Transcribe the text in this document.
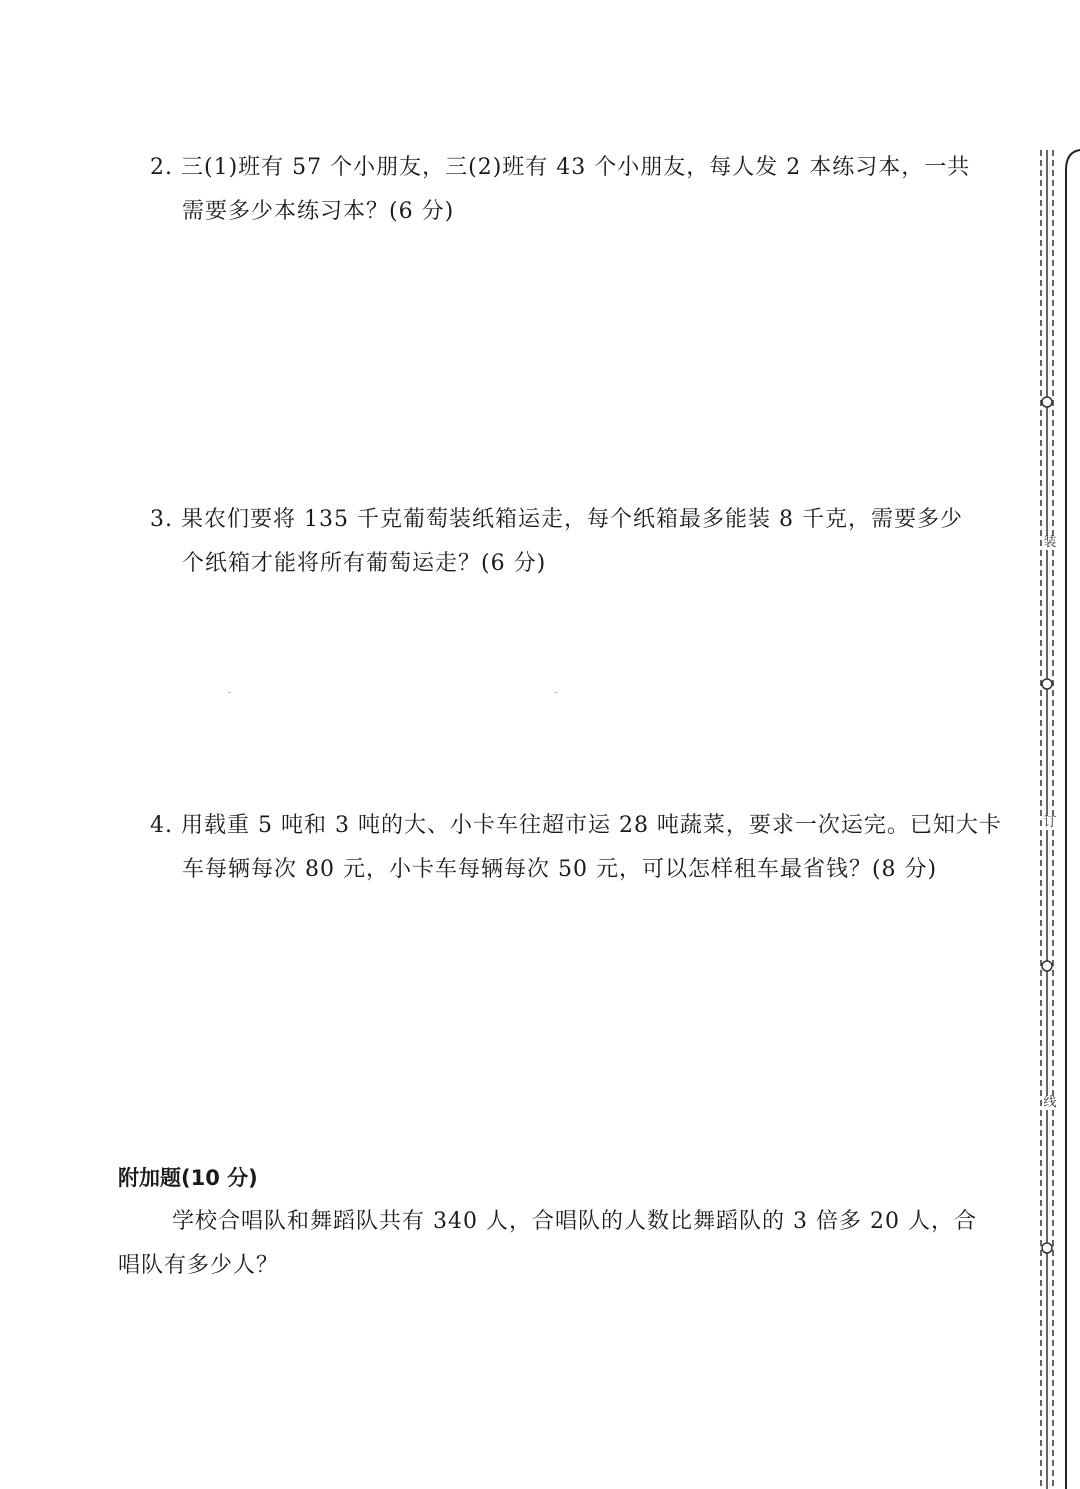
2. 三(1)班有 57 个小朋友，三(2)班有 43 个小朋友，每人发 2 本练习本，一共
需要多少本练习本？(6 分)
3. 果农们要将 135 千克葡萄装纸箱运走，每个纸箱最多能装 8 千克，需要多少
个纸箱才能将所有葡萄运走？(6 分)
4. 用载重 5 吨和 3 吨的大、小卡车往超市运 28 吨蔬菜，要求一次运完。已知大卡
车每辆每次 80 元，小卡车每辆每次 50 元，可以怎样租车最省钱？(8 分)
附加题(10 分)
学校合唱队和舞蹈队共有 340 人，合唱队的人数比舞蹈队的 3 倍多 20 人，合
唱队有多少人？
装
订
线
